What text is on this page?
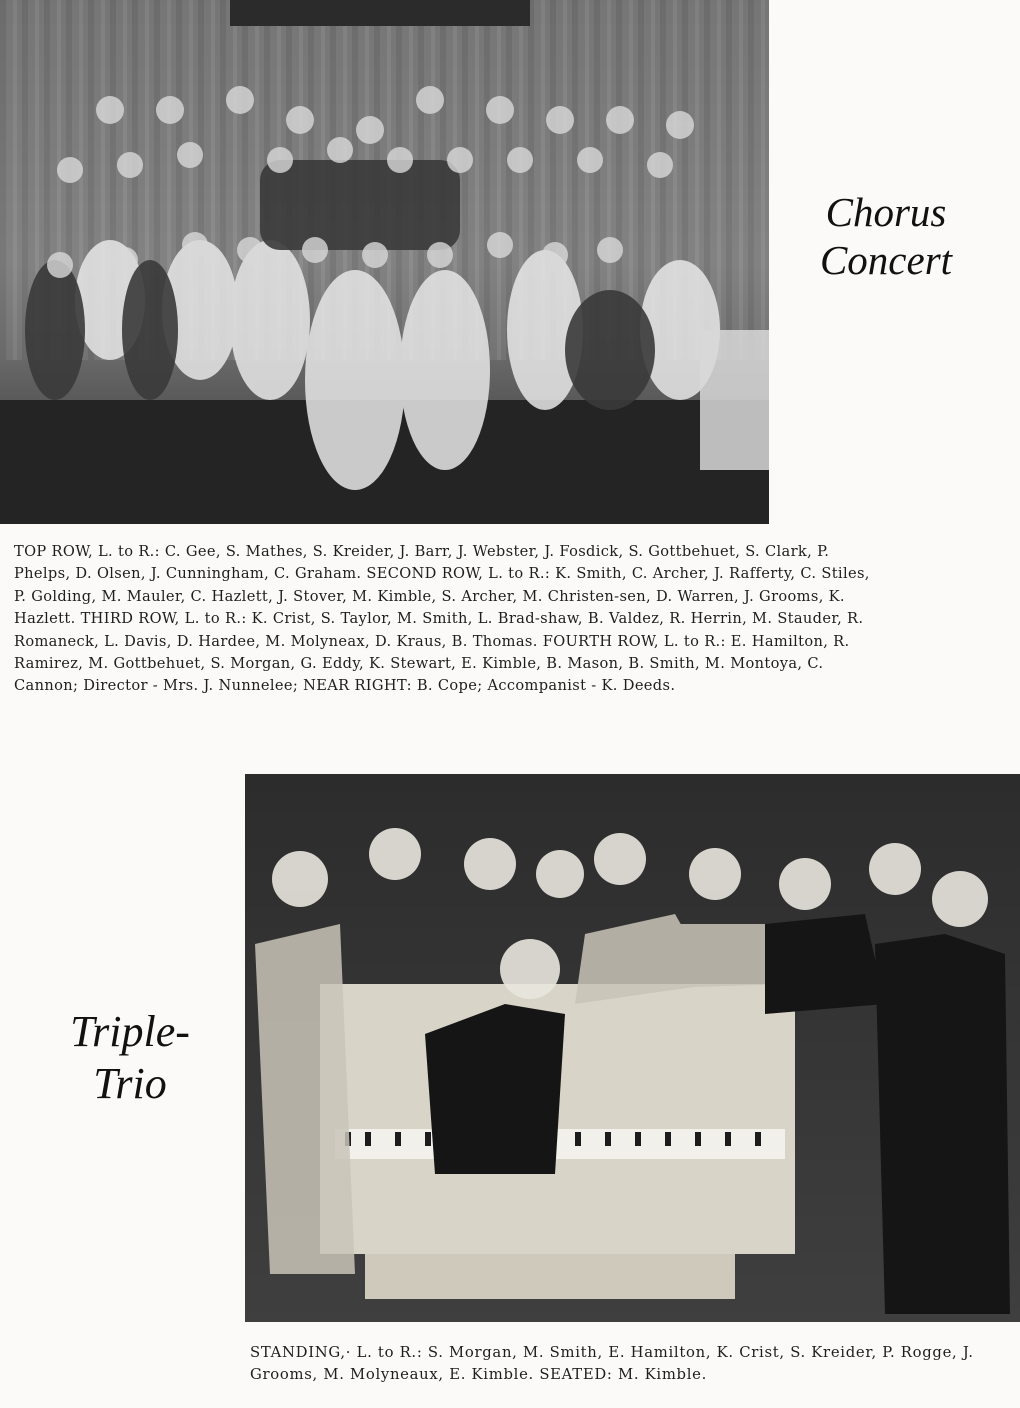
Chorus
Concert

TOP ROW, L. to R.: C. Gee, S. Mathes, S. Kreider, J. Barr, J. Webster, J. Fosdick, S. Gottbehuet, S. Clark, P. Phelps, D. Olsen, J. Cunningham, C. Graham. SECOND ROW, L. to R.: K. Smith, C. Archer, J. Rafferty, C. Stiles, P. Golding, M. Mauler, C. Hazlett, J. Stover, M. Kimble, S. Archer, M. Christen-sen, D. Warren, J. Grooms, K. Hazlett. THIRD ROW, L. to R.: K. Crist, S. Taylor, M. Smith, L. Brad-shaw, B. Valdez, R. Herrin, M. Stauder, R. Romaneck, L. Davis, D. Hardee, M. Molyneax, D. Kraus, B. Thomas. FOURTH ROW, L. to R.: E. Hamilton, R. Ramirez, M. Gottbehuet, S. Morgan, G. Eddy, K. Stewart, E. Kimble, B. Mason, B. Smith, M. Montoya, C. Cannon; Director - Mrs. J. Nunnelee; NEAR RIGHT: B. Cope; Accompanist - K. Deeds.

Triple-
Trio

STANDING,· L. to R.: S. Morgan, M. Smith, E. Hamilton, K. Crist, S. Kreider, P. Rogge, J. Grooms, M. Molyneaux, E. Kimble. SEATED: M. Kimble.
